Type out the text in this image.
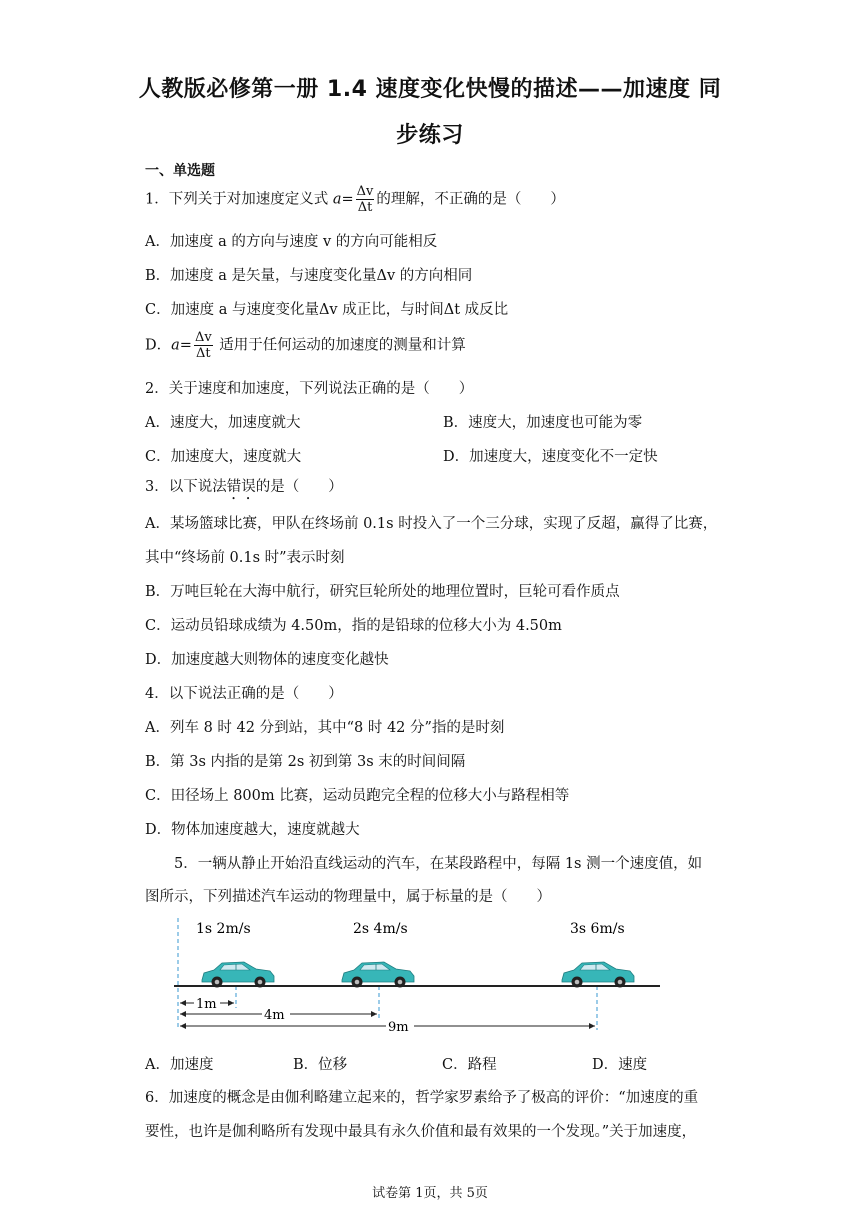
人教版必修第一册 1.4 速度变化快慢的描述——加速度 同
步练习
一、单选题
1．下列关于对加速度定义式 $a= \frac{\Delta v}{\Delta t}$ 的理解，不正确的是（　　）
A．加速度 a 的方向与速度 v 的方向可能相反
B．加速度 a 是矢量，与速度变化量Δv 的方向相同
C．加速度 a 与速度变化量Δv 成正比，与时间Δt 成反比
D．$a= \frac{\Delta v}{\Delta t}$ 适用于任何运动的加速度的测量和计算
2．关于速度和加速度，下列说法正确的是（　　）
A．速度大，加速度就大	B．速度大，加速度也可能为零
C．加速度大，速度就大	D．加速度大，速度变化不一定快
3．以下说法错误的是（　　）
A．某场篮球比赛，甲队在终场前 0.1s 时投入了一个三分球，实现了反超，赢得了比赛，
其中“终场前 0.1s 时”表示时刻
B．万吨巨轮在大海中航行，研究巨轮所处的地理位置时，巨轮可看作质点
C．运动员铅球成绩为 4.50m，指的是铅球的位移大小为 4.50m
D．加速度越大则物体的速度变化越快
4．以下说法正确的是（　　）
A．列车 8 时 42 分到站，其中“8 时 42 分”指的是时刻
B．第 3s 内指的是第 2s 初到第 3s 末的时间间隔
C．田径场上 800m 比赛，运动员跑完全程的位移大小与路程相等
D．物体加速度越大，速度就越大
5．一辆从静止开始沿直线运动的汽车，在某段路程中，每隔 1s 测一个速度值，如
图所示，下列描述汽车运动的物理量中，属于标量的是（　　）
1s 2m/s	2s 4m/s	3s 6m/s
1m
4m
9m
A．加速度	B．位移	C．路程	D．速度
6．加速度的概念是由伽利略建立起来的，哲学家罗素给予了极高的评价：“加速度的重
要性，也许是伽利略所有发现中最具有永久价值和最有效果的一个发现。”关于加速度，
试卷第 1页，共 5页
